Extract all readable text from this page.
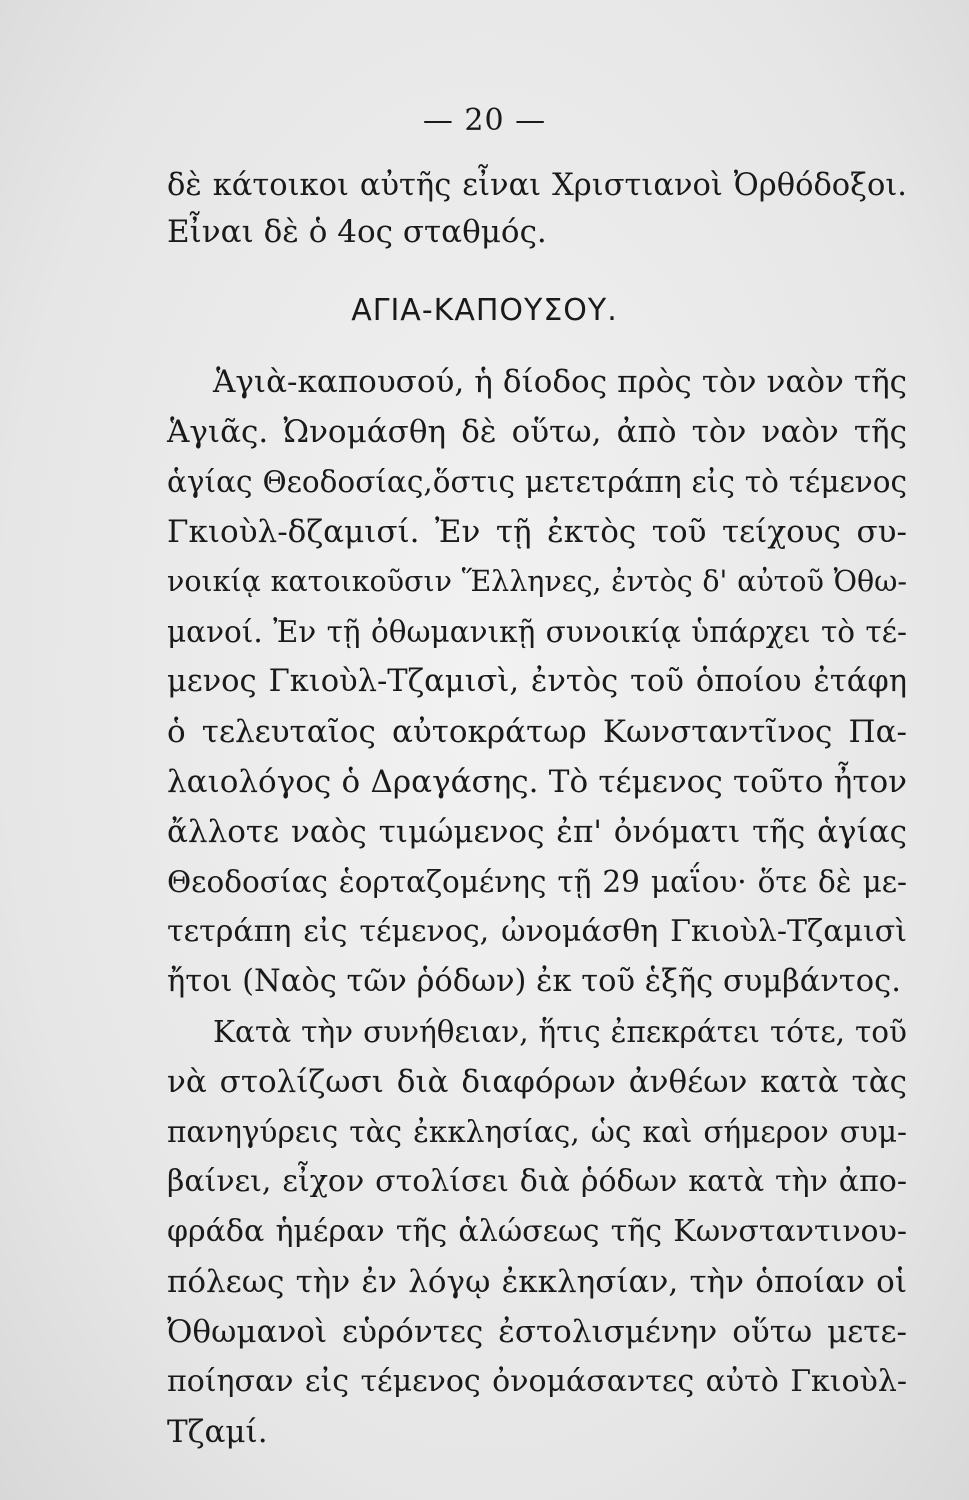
— 20 —
δὲ κάτοικοι αὐτῆς εἶναι Χριστιανοὶ Ὀρθόδοξοι.
Εἶναι δὲ ὁ 4ος σταθμός.
ΑΓΙΑ-ΚΑΠΟΥΣΟΥ.
Ἁγιὰ-καπουσού, ἡ δίοδος πρὸς τὸν ναὸν τῆς
Ἁγιᾶς. Ὠνομάσθη δὲ οὕτω, ἀπὸ τὸν ναὸν τῆς
ἁγίας Θεοδοσίας,ὅστις μετετράπη εἰς τὸ τέμενος
Γκιοὺλ-δζαμισί. Ἐν τῇ ἐκτὸς τοῦ τείχους συ-
νοικίᾳ κατοικοῦσιν Ἕλληνες, ἐντὸς δ' αὐτοῦ Ὀθω-
μανοί. Ἐν τῇ ὀθωμανικῇ συνοικίᾳ ὑπάρχει τὸ τέ-
μενος Γκιοὺλ-Τζαμισὶ, ἐντὸς τοῦ ὁποίου ἐτάφη
ὁ τελευταῖος αὐτοκράτωρ Κωνσταντῖνος Πα-
λαιολόγος ὁ Δραγάσης. Τὸ τέμενος τοῦτο ἦτον
ἄλλοτε ναὸς τιμώμενος ἐπ' ὀνόματι τῆς ἁγίας
Θεοδοσίας ἑορταζομένης τῇ 29 μαΐου· ὅτε δὲ με-
τετράπη εἰς τέμενος, ὠνομάσθη Γκιοὺλ-Τζαμισὶ
ἤτοι (Ναὸς τῶν ῥόδων) ἐκ τοῦ ἑξῆς συμβάντος.
Κατὰ τὴν συνήθειαν, ἥτις ἐπεκράτει τότε, τοῦ
νὰ στολίζωσι διὰ διαφόρων ἀνθέων κατὰ τὰς
πανηγύρεις τὰς ἐκκλησίας, ὡς καὶ σήμερον συμ-
βαίνει, εἶχον στολίσει διὰ ῥόδων κατὰ τὴν ἀπο-
φράδα ἡμέραν τῆς ἁλώσεως τῆς Κωνσταντινου-
πόλεως τὴν ἐν λόγῳ ἐκκλησίαν, τὴν ὁποίαν οἱ
Ὀθωμανοὶ εὑρόντες ἐστολισμένην οὕτω μετε-
ποίησαν εἰς τέμενος ὀνομάσαντες αὐτὸ Γκιοὺλ-
Τζαμί.
